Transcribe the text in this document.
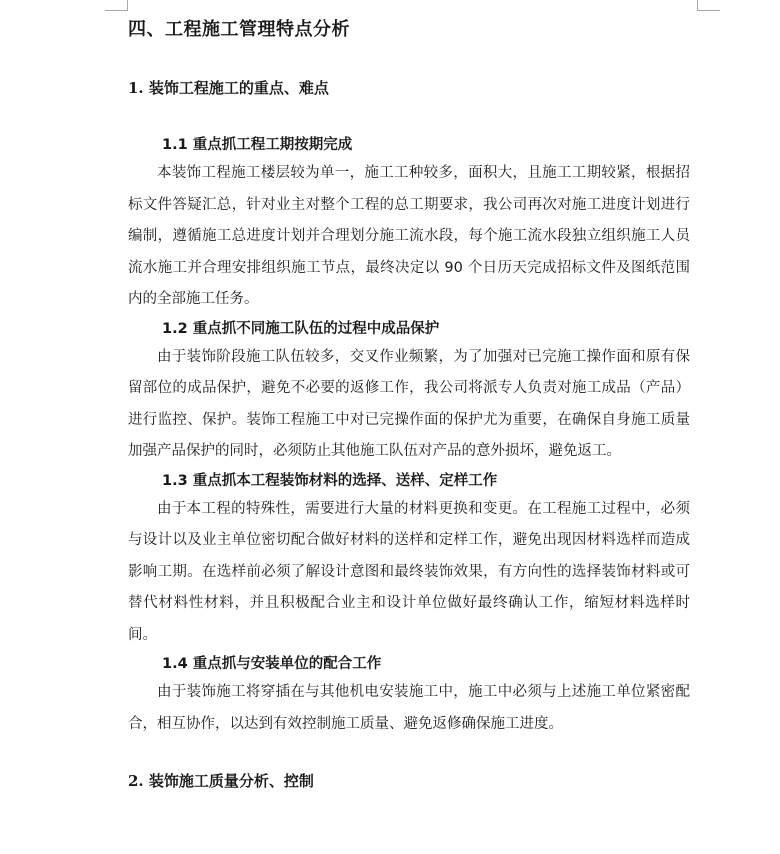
四、工程施工管理特点分析
1. 装饰工程施工的重点、难点
1.1 重点抓工程工期按期完成

本装饰工程施工楼层较为单一，施工工种较多，面积大，且施工工期较紧，根据招标文件答疑汇总，针对业主对整个工程的总工期要求，我公司再次对施工进度计划进行编制，遵循施工总进度计划并合理划分施工流水段，每个施工流水段独立组织施工人员流水施工并合理安排组织施工节点，最终决定以 90 个日历天完成招标文件及图纸范围内的全部施工任务。

1.2 重点抓不同施工队伍的过程中成品保护

由于装饰阶段施工队伍较多，交叉作业频繁，为了加强对已完施工操作面和原有保留部位的成品保护，避免不必要的返修工作，我公司将派专人负责对施工成品（产品）进行监控、保护。装饰工程施工中对已完操作面的保护尤为重要，在确保自身施工质量加强产品保护的同时，必须防止其他施工队伍对产品的意外损坏，避免返工。

1.3 重点抓本工程装饰材料的选择、送样、定样工作

由于本工程的特殊性，需要进行大量的材料更换和变更。在工程施工过程中，必须与设计以及业主单位密切配合做好材料的送样和定样工作，避免出现因材料选样而造成影响工期。在选样前必须了解设计意图和最终装饰效果，有方向性的选择装饰材料或可替代材料性材料，并且积极配合业主和设计单位做好最终确认工作，缩短材料选样时间。

1.4 重点抓与安装单位的配合工作

由于装饰施工将穿插在与其他机电安装施工中，施工中必须与上述施工单位紧密配合，相互协作，以达到有效控制施工质量、避免返修确保施工进度。

2. 装饰施工质量分析、控制
